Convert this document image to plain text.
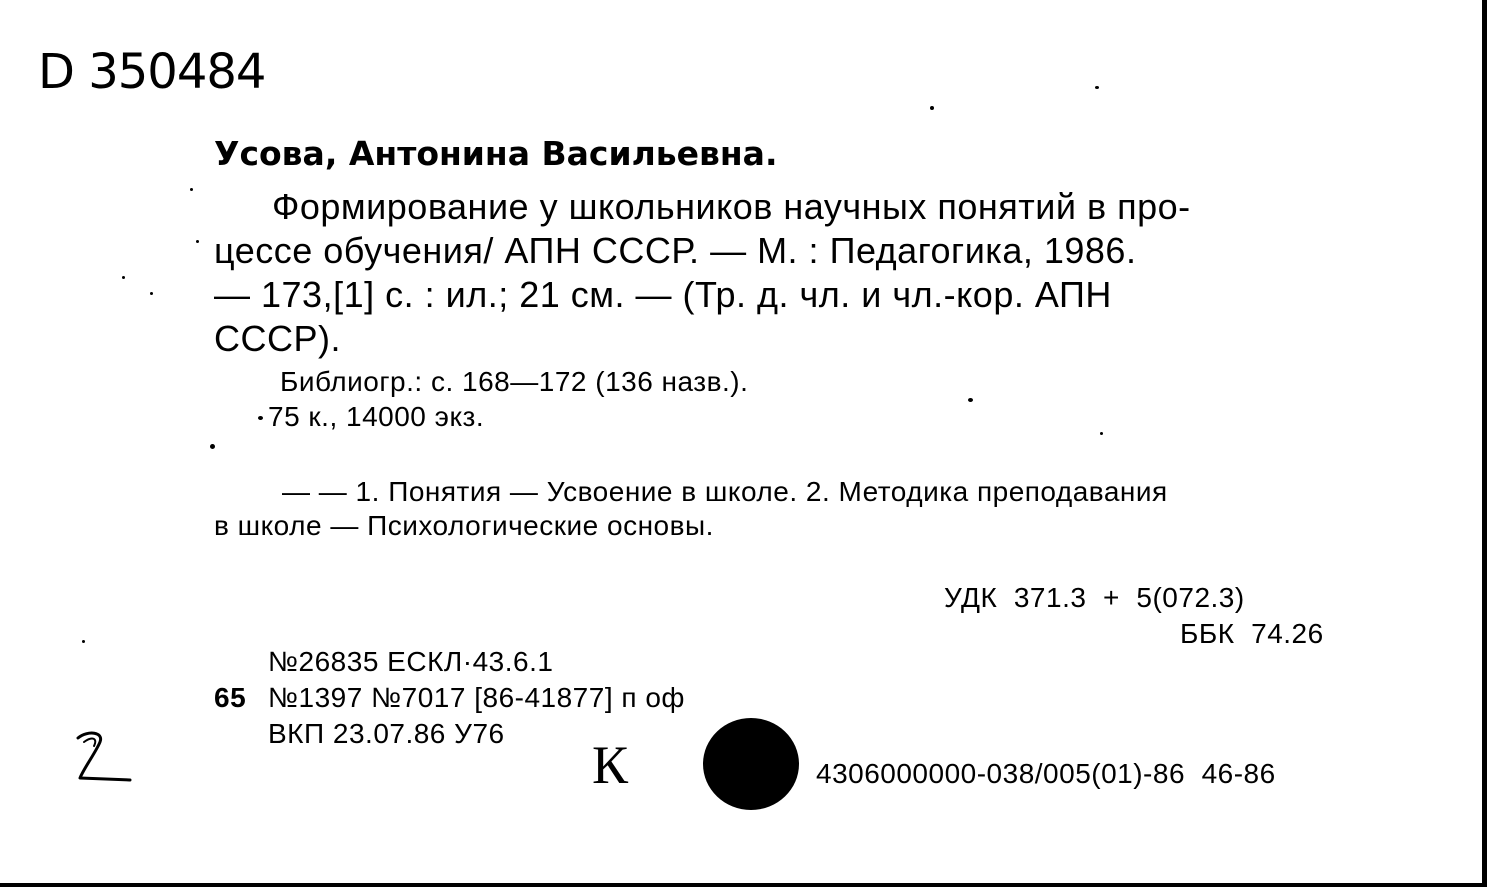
D 350484
Усова, Антонина Васильевна.
Формирование у школьников научных понятий в про-
цессе обучения/ АПН СССР. — М. : Педагогика, 1986.
— 173,[1] с. : ил.; 21 см. — (Тр. д. чл. и чл.-кор. АПН
СССР).
Библиогр.: с. 168—172 (136 назв.).
75 к., 14000 экз.
— — 1. Понятия — Усвоение в школе. 2. Методика преподавания
в школе — Психологические основы.
УДК  371.3  +  5(072.3)
ББК  74.26
№26835 ЕСКЛ·43.6.1
65 №1397 №7017 [86-41877] п оф
ВКП 23.07.86 У76
К	4306000000-038/005(01)-86  46-86
